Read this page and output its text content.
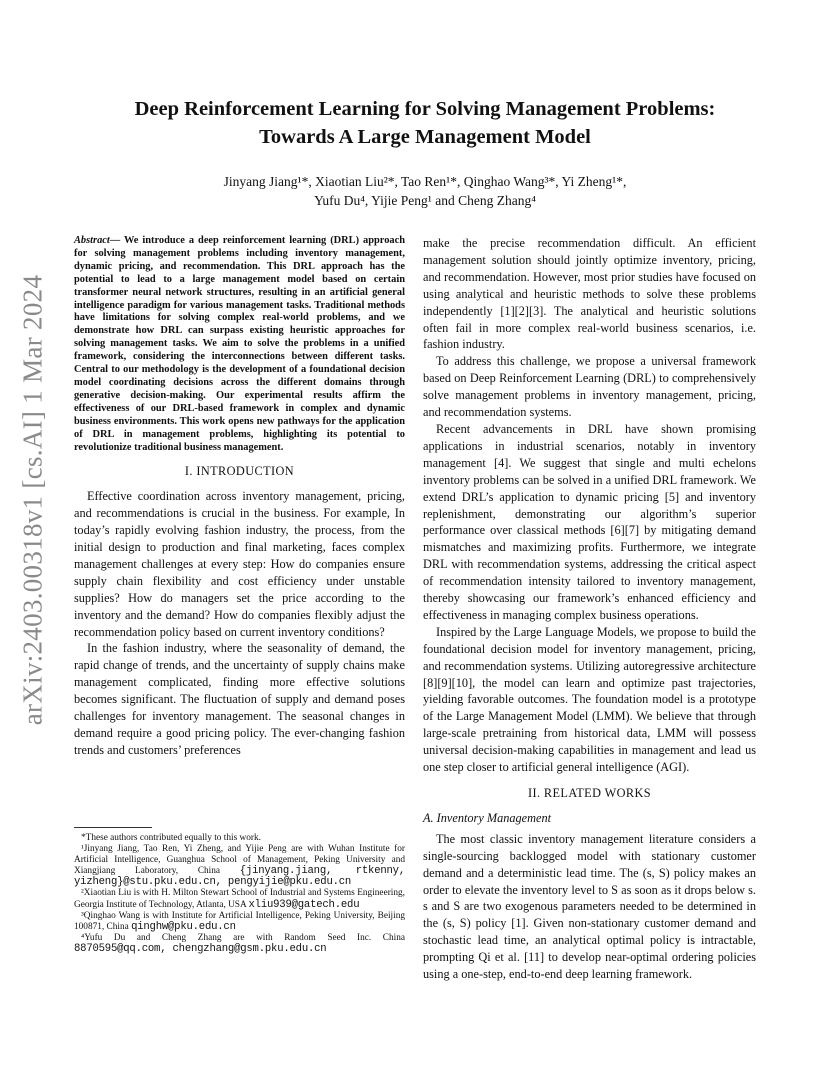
arXiv:2403.00318v1 [cs.AI] 1 Mar 2024
Deep Reinforcement Learning for Solving Management Problems:
Towards A Large Management Model
Jinyang Jiang¹*, Xiaotian Liu²*, Tao Ren¹*, Qinghao Wang³*, Yi Zheng¹*,
Yufu Du⁴, Yijie Peng¹ and Cheng Zhang⁴

Abstract— We introduce a deep reinforcement learning (DRL) approach for solving management problems including inventory management, dynamic pricing, and recommendation. This DRL approach has the potential to lead to a large management model based on certain transformer neural network structures, resulting in an artificial general intelligence paradigm for various management tasks. Traditional methods have limitations for solving complex real-world problems, and we demonstrate how DRL can surpass existing heuristic approaches for solving management tasks. We aim to solve the problems in a unified framework, considering the interconnections between different tasks. Central to our methodology is the development of a foundational decision model coordinating decisions across the different domains through generative decision-making. Our experimental results affirm the effectiveness of our DRL-based framework in complex and dynamic business environments. This work opens new pathways for the application of DRL in management problems, highlighting its potential to revolutionize traditional business management.

I. INTRODUCTION

Effective coordination across inventory management, pricing, and recommendations is crucial in the business. For example, In today’s rapidly evolving fashion industry, the process, from the initial design to production and final marketing, faces complex management challenges at every step: How do companies ensure supply chain flexibility and cost efficiency under unstable supplies? How do managers set the price according to the inventory and the demand? How do companies flexibly adjust the recommendation policy based on current inventory conditions?

In the fashion industry, where the seasonality of demand, the rapid change of trends, and the uncertainty of supply chains make management complicated, finding more effective solutions becomes significant. The fluctuation of supply and demand poses challenges for inventory management. The seasonal changes in demand require a good pricing policy. The ever-changing fashion trends and customers’ preferences

*These authors contributed equally to this work.

¹Jinyang Jiang, Tao Ren, Yi Zheng, and Yijie Peng are with Wuhan Institute for Artificial Intelligence, Guanghua School of Management, Peking University and Xiangjiang Laboratory, China {jinyang.jiang, rtkenny, yizheng}@stu.pku.edu.cn, pengyijie@pku.edu.cn

²Xiaotian Liu is with H. Milton Stewart School of Industrial and Systems Engineering, Georgia Institute of Technology, Atlanta, USA xliu939@gatech.edu

³Qinghao Wang is with Institute for Artificial Intelligence, Peking University, Beijing 100871, China qinghw@pku.edu.cn

⁴Yufu Du and Cheng Zhang are with Random Seed Inc. China 8870595@qq.com, chengzhang@gsm.pku.edu.cn

make the precise recommendation difficult. An efficient management solution should jointly optimize inventory, pricing, and recommendation. However, most prior studies have focused on using analytical and heuristic methods to solve these problems independently [1][2][3]. The analytical and heuristic solutions often fail in more complex real-world business scenarios, i.e. fashion industry.

To address this challenge, we propose a universal framework based on Deep Reinforcement Learning (DRL) to comprehensively solve management problems in inventory management, pricing, and recommendation systems.

Recent advancements in DRL have shown promising applications in industrial scenarios, notably in inventory management [4]. We suggest that single and multi echelons inventory problems can be solved in a unified DRL framework. We extend DRL’s application to dynamic pricing [5] and inventory replenishment, demonstrating our algorithm’s superior performance over classical methods [6][7] by mitigating demand mismatches and maximizing profits. Furthermore, we integrate DRL with recommendation systems, addressing the critical aspect of recommendation intensity tailored to inventory management, thereby showcasing our framework’s enhanced efficiency and effectiveness in managing complex business operations.

Inspired by the Large Language Models, we propose to build the foundational decision model for inventory management, pricing, and recommendation systems. Utilizing autoregressive architecture [8][9][10], the model can learn and optimize past trajectories, yielding favorable outcomes. The foundation model is a prototype of the Large Management Model (LMM). We believe that through large-scale pretraining from historical data, LMM will possess universal decision-making capabilities in management and lead us one step closer to artificial general intelligence (AGI).

II. RELATED WORKS
A. Inventory Management

The most classic inventory management literature considers a single-sourcing backlogged model with stationary customer demand and a deterministic lead time. The (s, S) policy makes an order to elevate the inventory level to S as soon as it drops below s. s and S are two exogenous parameters needed to be determined in the (s, S) policy [1]. Given non-stationary customer demand and stochastic lead time, an analytical optimal policy is intractable, prompting Qi et al. [11] to develop near-optimal ordering policies using a one-step, end-to-end deep learning framework.
